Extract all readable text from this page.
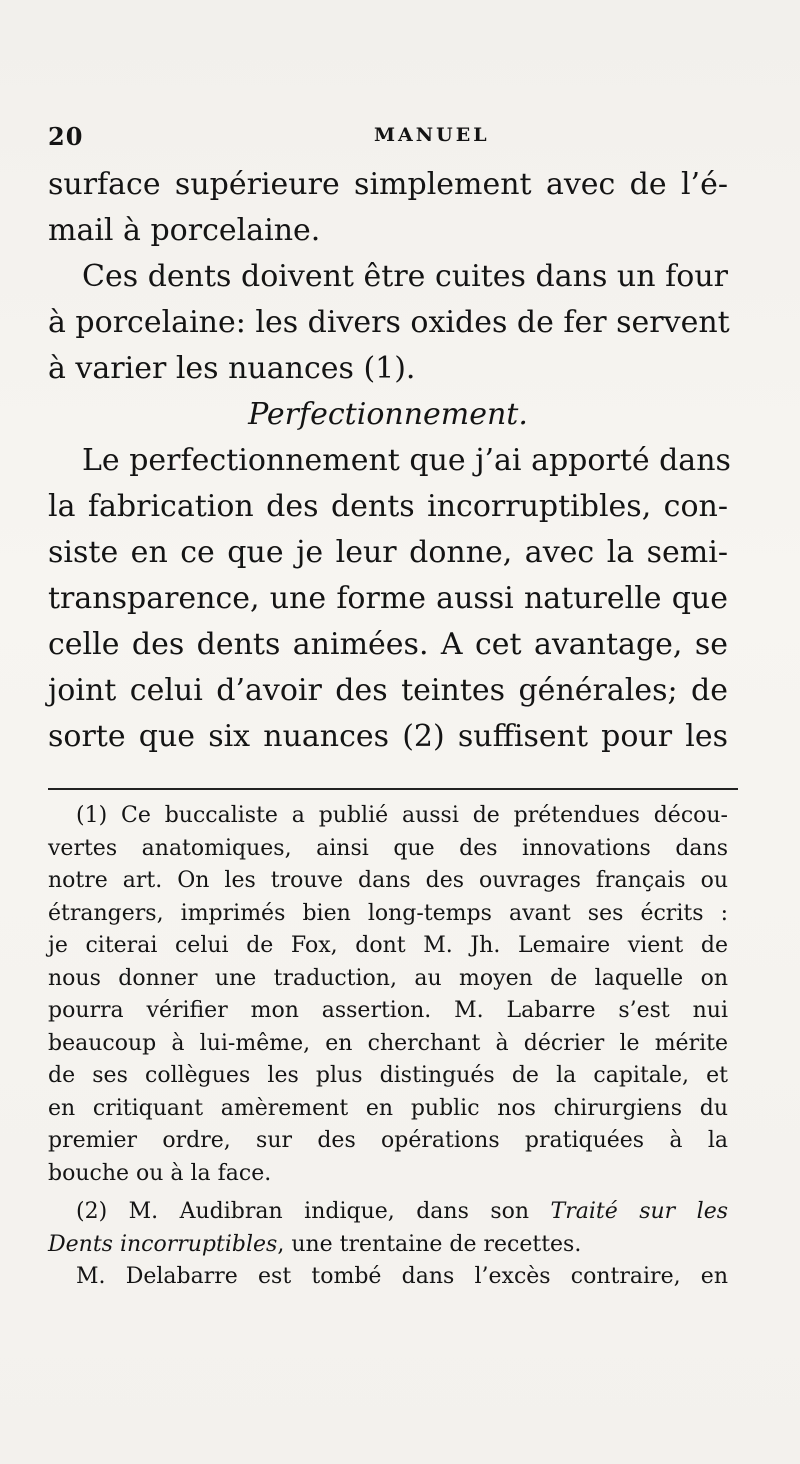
20	MANUEL
surface supérieure simplement avec de l’é-
mail à porcelaine.
Ces dents doivent être cuites dans un four
à porcelaine: les divers oxides de fer servent
à varier les nuances (1).
Perfectionnement.
Le perfectionnement que j’ai apporté dans
la fabrication des dents incorruptibles, con-
siste en ce que je leur donne, avec la semi-
transparence, une forme aussi naturelle que
celle des dents animées. A cet avantage, se
joint celui d’avoir des teintes générales; de
sorte que six nuances (2) suffisent pour les
(1) Ce buccaliste a publié aussi de prétendues décou-
vertes anatomiques, ainsi que des innovations dans
notre art. On les trouve dans des ouvrages français ou
étrangers, imprimés bien long-temps avant ses écrits :
je citerai celui de Fox, dont M. Jh. Lemaire vient de
nous donner une traduction, au moyen de laquelle on
pourra vérifier mon assertion. M. Labarre s’est nui
beaucoup à lui-même, en cherchant à décrier le mérite
de ses collègues les plus distingués de la capitale, et
en critiquant amèrement en public nos chirurgiens du
premier ordre, sur des opérations pratiquées à la
bouche ou à la face.
(2) M. Audibran indique, dans son Traité sur les
Dents incorruptibles, une trentaine de recettes.
M. Delabarre est tombé dans l’excès contraire, en
